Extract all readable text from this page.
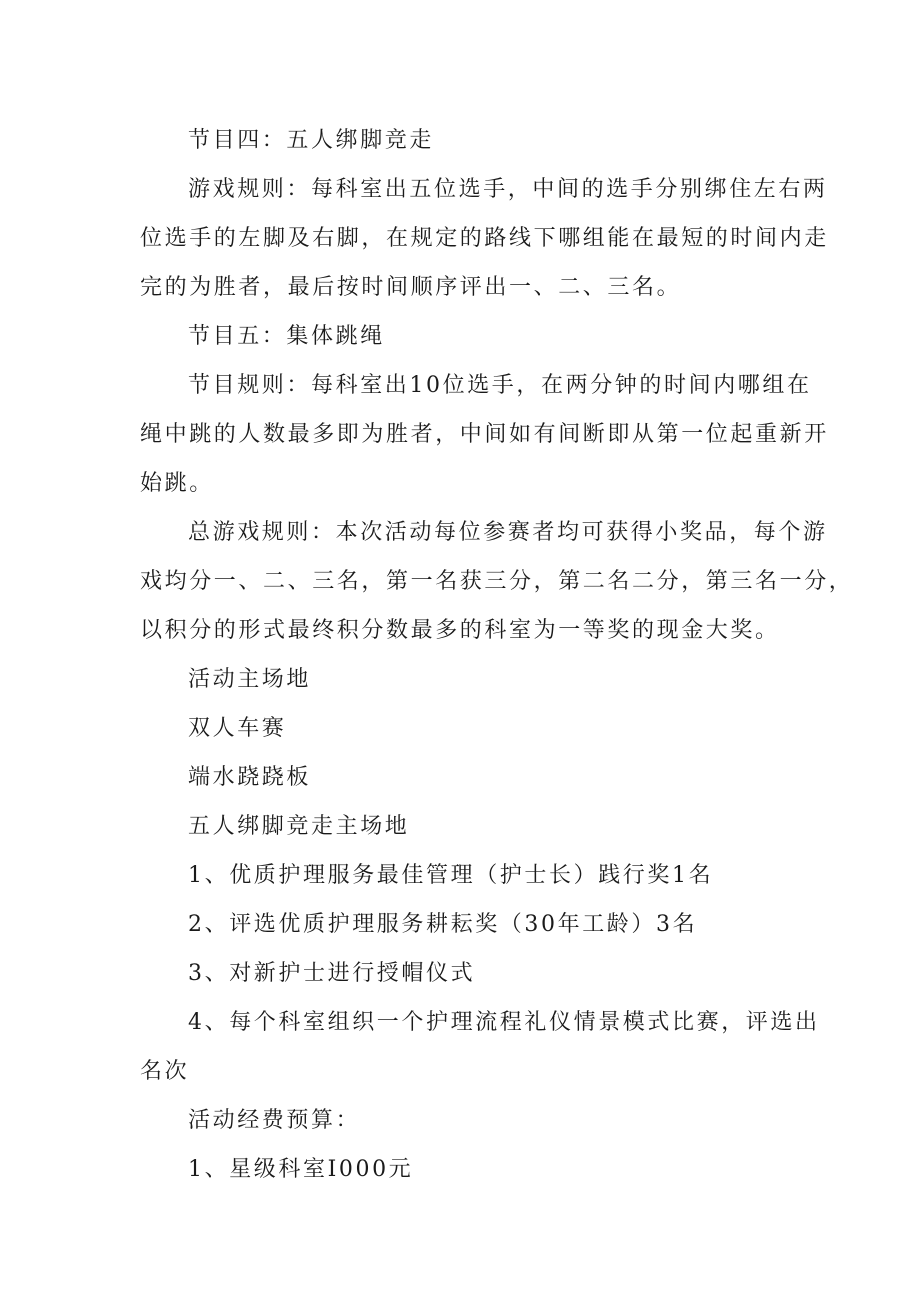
节目四：五人绑脚竞走

游戏规则：每科室出五位选手，中间的选手分别绑住左右两

位选手的左脚及右脚，在规定的路线下哪组能在最短的时间内走

完的为胜者，最后按时间顺序评出一、二、三名。

节目五：集体跳绳

节目规则：每科室出10位选手，在两分钟的时间内哪组在

绳中跳的人数最多即为胜者，中间如有间断即从第一位起重新开

始跳。

总游戏规则：本次活动每位参赛者均可获得小奖品，每个游

戏均分一、二、三名，第一名获三分，第二名二分，第三名一分，

以积分的形式最终积分数最多的科室为一等奖的现金大奖。

活动主场地

双人车赛

端水跷跷板

五人绑脚竞走主场地

1、优质护理服务最佳管理（护士长）践行奖1名

2、评选优质护理服务耕耘奖（30年工龄）3名

3、对新护士进行授帽仪式

4、每个科室组织一个护理流程礼仪情景模式比赛，评选出

名次

活动经费预算：

1、星级科室I000元
